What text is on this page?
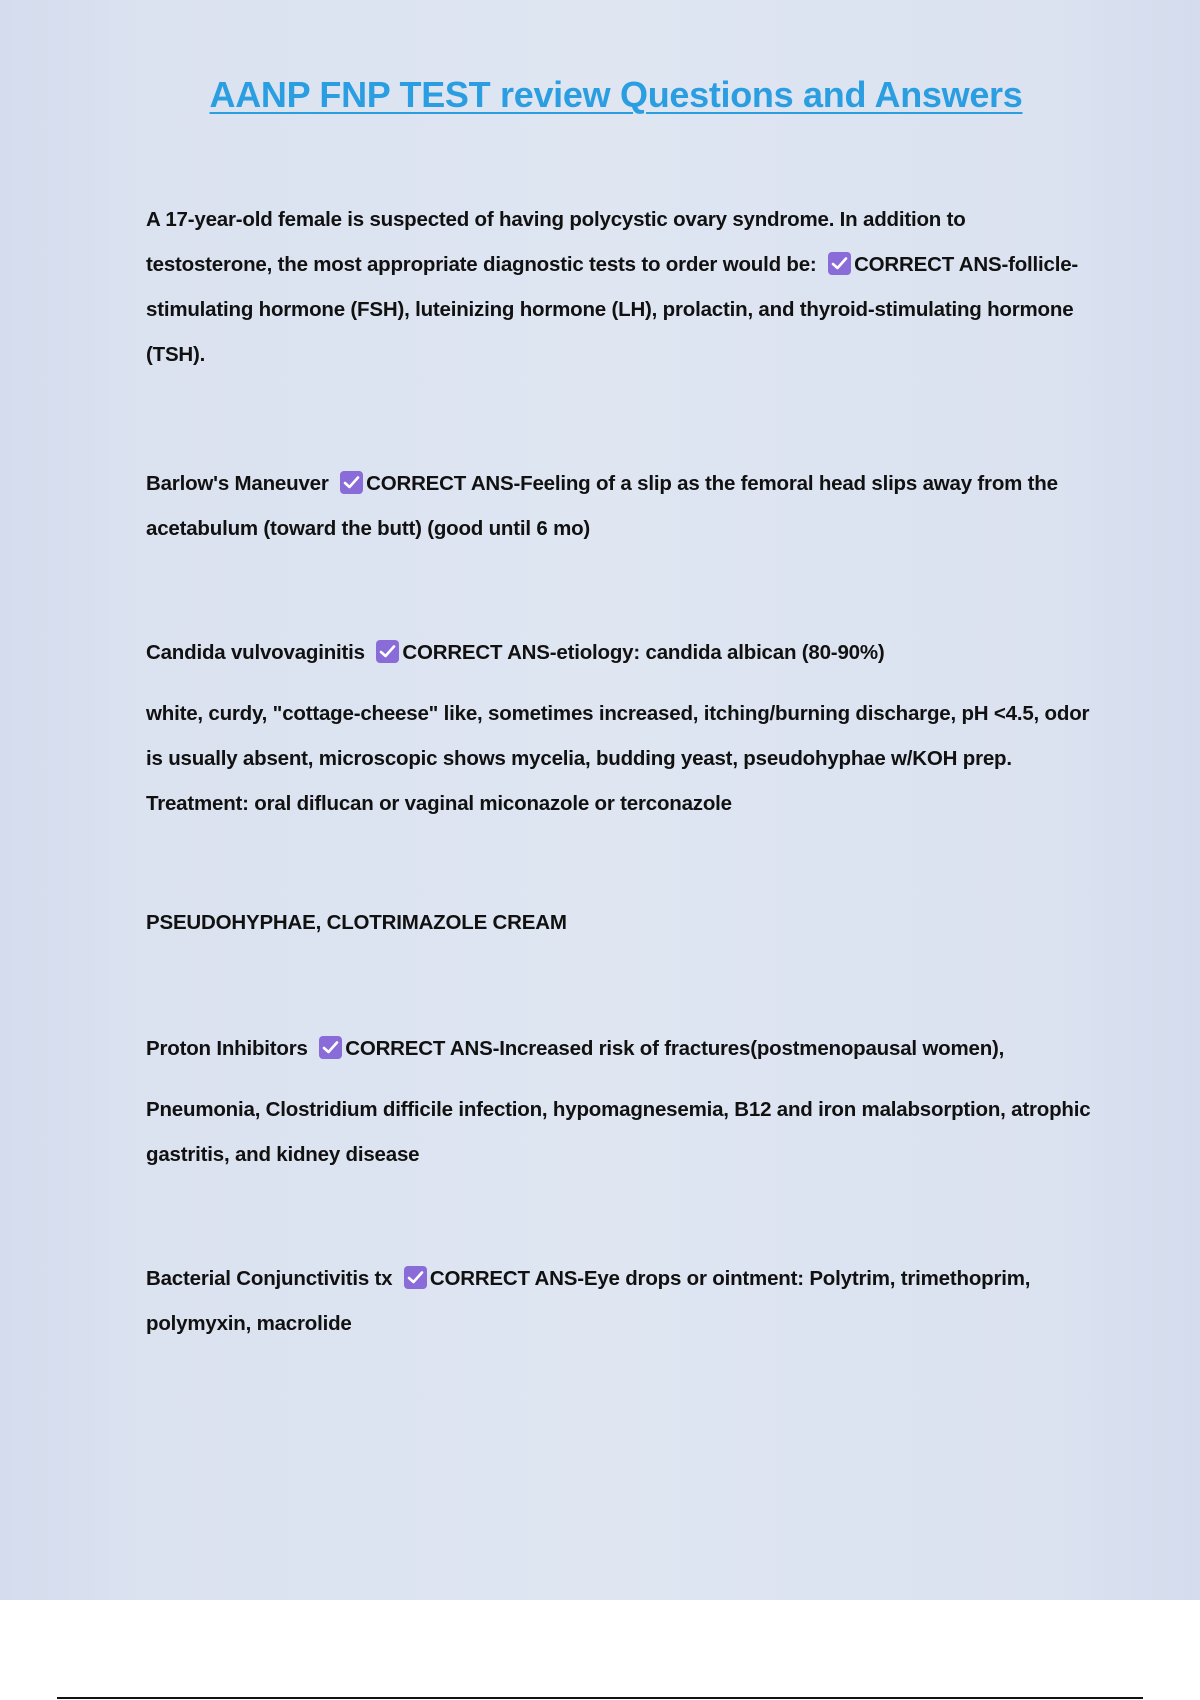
AANP FNP TEST review Questions and Answers
A 17-year-old female is suspected of having polycystic ovary syndrome. In addition to testosterone, the most appropriate diagnostic tests to order would be:
CORRECT ANS-follicle-stimulating hormone (FSH), luteinizing hormone (LH), prolactin, and thyroid-stimulating hormone (TSH).
Barlow's Maneuver
CORRECT ANS-Feeling of a slip as the femoral head slips away from the acetabulum (toward the butt) (good until 6 mo)
Candida vulvovaginitis
CORRECT ANS-etiology: candida albican (80-90%)
white, curdy, "cottage-cheese" like, sometimes increased, itching/burning discharge, pH <4.5, odor is usually absent, microscopic shows mycelia, budding yeast, pseudohyphae w/KOH prep. Treatment: oral diflucan or vaginal miconazole or terconazole
PSEUDOHYPHAE, CLOTRIMAZOLE CREAM
Proton Inhibitors
CORRECT ANS-Increased risk of fractures(postmenopausal women),
Pneumonia, Clostridium difficile infection, hypomagnesemia, B12 and iron malabsorption, atrophic gastritis, and kidney disease
Bacterial Conjunctivitis tx
CORRECT ANS-Eye drops or ointment: Polytrim, trimethoprim, polymyxin, macrolide
